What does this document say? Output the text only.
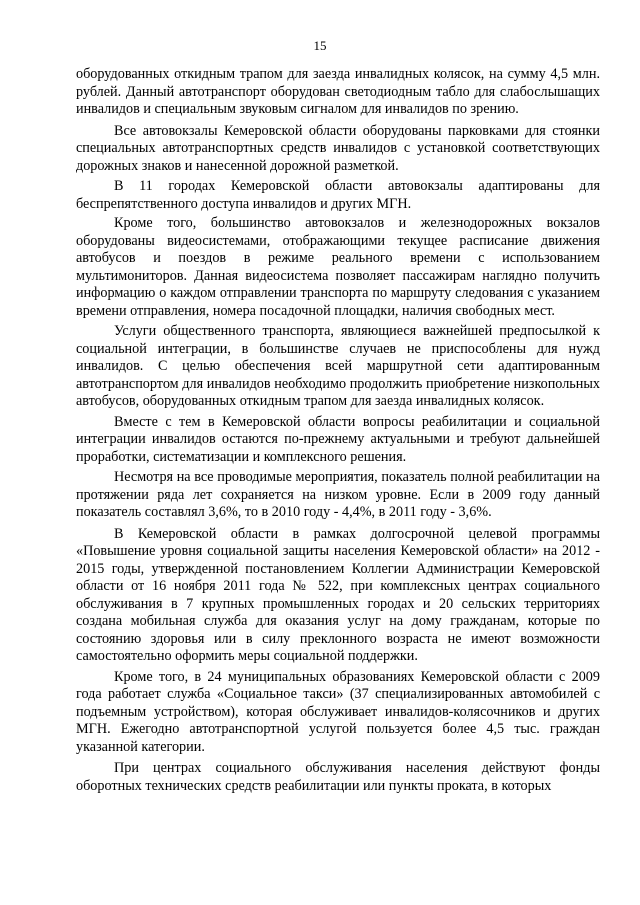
15

оборудованных откидным трапом для заезда инвалидных колясок, на сумму 4,5 млн. рублей. Данный автотранспорт оборудован светодиодным табло для слабослышащих инвалидов и специальным звуковым сигналом для инвалидов по зрению.

Все автовокзалы Кемеровской области оборудованы парковками для стоянки специальных автотранспортных средств инвалидов с установкой соответствующих дорожных знаков и нанесенной дорожной разметкой.

В 11 городах Кемеровской области автовокзалы адаптированы для беспрепятственного доступа инвалидов и других МГН.

Кроме того, большинство автовокзалов и железнодорожных вокзалов оборудованы видеосистемами, отображающими текущее расписание движения автобусов и поездов в режиме реального времени с использованием мультимониторов. Данная видеосистема позволяет пассажирам наглядно получить информацию о каждом отправлении транспорта по маршруту следования с указанием времени отправления, номера посадочной площадки, наличия свободных мест.

Услуги общественного транспорта, являющиеся важнейшей предпосылкой к социальной интеграции, в большинстве случаев не приспособлены для нужд инвалидов. С целью обеспечения всей маршрутной сети адаптированным автотранспортом для инвалидов необходимо продолжить приобретение низкопольных автобусов, оборудованных откидным трапом для заезда инвалидных колясок.

Вместе с тем в Кемеровской области вопросы реабилитации и социальной интеграции инвалидов остаются по-прежнему актуальными и требуют дальнейшей проработки, систематизации и комплексного решения.

Несмотря на все проводимые мероприятия, показатель полной реабилитации на протяжении ряда лет сохраняется на низком уровне. Если в 2009 году данный показатель составлял 3,6%, то в 2010 году - 4,4%, в 2011 году - 3,6%.

В Кемеровской области в рамках долгосрочной целевой программы «Повышение уровня социальной защиты населения Кемеровской области» на 2012 - 2015 годы, утвержденной постановлением Коллегии Администрации Кемеровской области от 16 ноября 2011 года № 522, при комплексных центрах социального обслуживания в 7 крупных промышленных городах и 20 сельских территориях создана мобильная служба для оказания услуг на дому гражданам, которые по состоянию здоровья или в силу преклонного возраста не имеют возможности самостоятельно оформить меры социальной поддержки.

Кроме того, в 24 муниципальных образованиях Кемеровской области с 2009 года работает служба «Социальное такси» (37 специализированных автомобилей с подъемным устройством), которая обслуживает инвалидов-колясочников и других МГН. Ежегодно автотранспортной услугой пользуется более 4,5 тыс. граждан указанной категории.

При центрах социального обслуживания населения действуют фонды оборотных технических средств реабилитации или пункты проката, в которых
